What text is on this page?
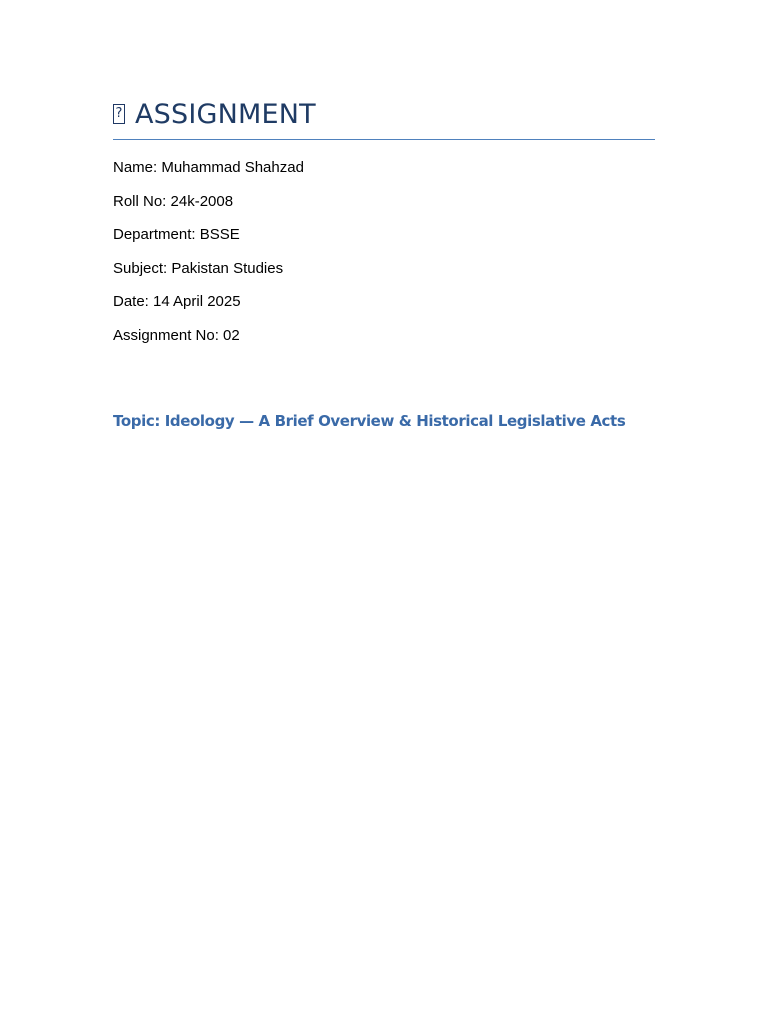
? ASSIGNMENT
Name: Muhammad Shahzad
Roll No: 24k-2008
Department: BSSE
Subject: Pakistan Studies
Date: 14 April 2025
Assignment No: 02
Topic: Ideology — A Brief Overview & Historical Legislative Acts
